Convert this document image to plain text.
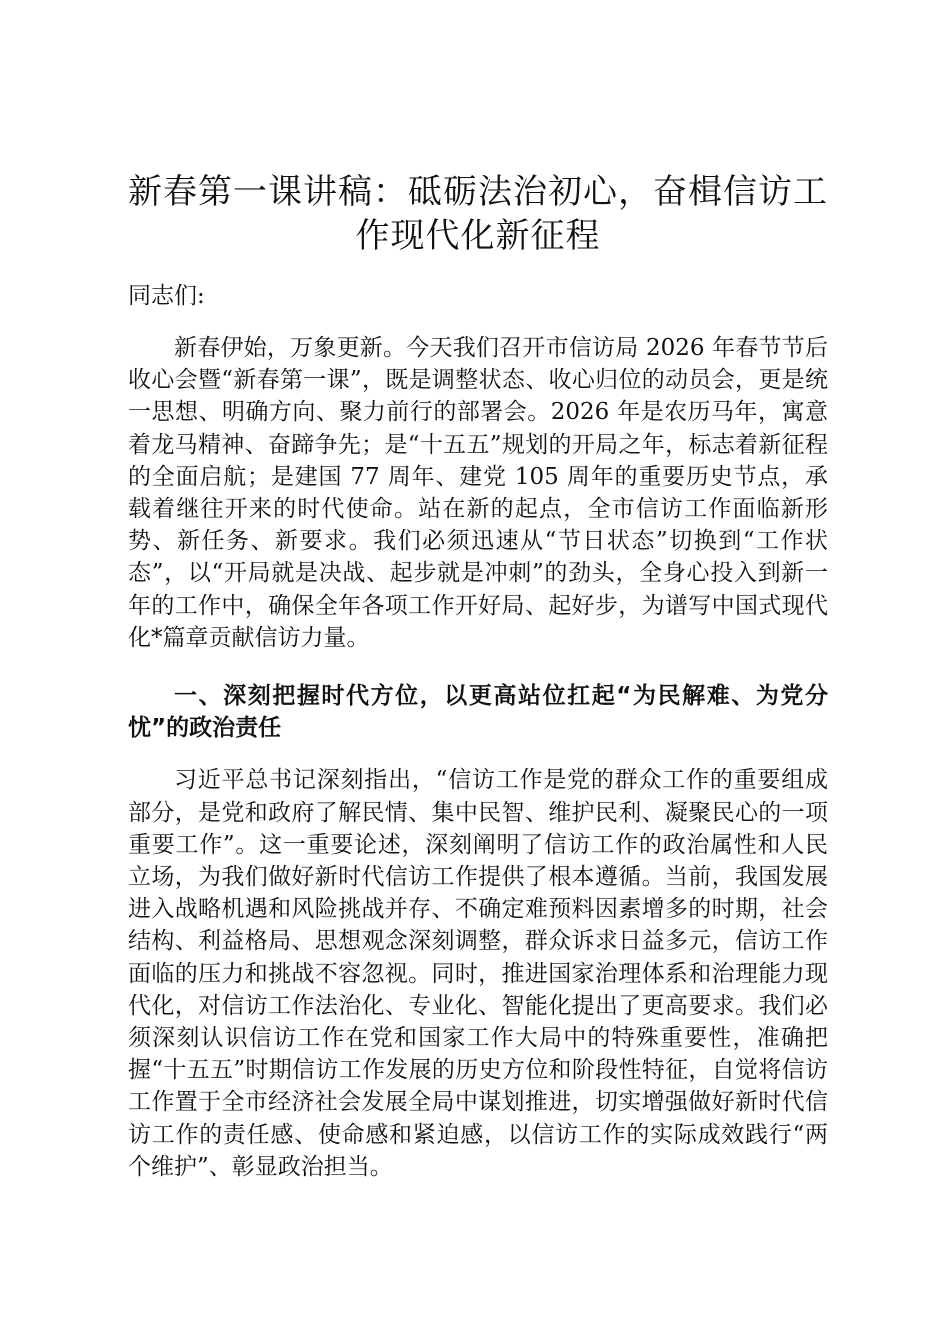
新春第一课讲稿：砥砺法治初心，奋楫信访工作现代化新征程

同志们:

新春伊始，万象更新。今天我们召开市信访局 2026 年春节节后收心会暨“新春第一课”，既是调整状态、收心归位的动员会，更是统一思想、明确方向、聚力前行的部署会。2026 年是农历马年，寓意着龙马精神、奋蹄争先；是“十五五”规划的开局之年，标志着新征程的全面启航；是建国 77 周年、建党 105 周年的重要历史节点，承载着继往开来的时代使命。站在新的起点，全市信访工作面临新形势、新任务、新要求。我们必须迅速从“节日状态”切换到“工作状态”，以“开局就是决战、起步就是冲刺”的劲头，全身心投入到新一年的工作中，确保全年各项工作开好局、起好步，为谱写中国式现代化*篇章贡献信访力量。

一、深刻把握时代方位，以更高站位扛起“为民解难、为党分忧”的政治责任

习近平总书记深刻指出，“信访工作是党的群众工作的重要组成部分，是党和政府了解民情、集中民智、维护民利、凝聚民心的一项重要工作”。这一重要论述，深刻阐明了信访工作的政治属性和人民立场，为我们做好新时代信访工作提供了根本遵循。当前，我国发展进入战略机遇和风险挑战并存、不确定难预料因素增多的时期，社会结构、利益格局、思想观念深刻调整，群众诉求日益多元，信访工作面临的压力和挑战不容忽视。同时，推进国家治理体系和治理能力现代化，对信访工作法治化、专业化、智能化提出了更高要求。我们必须深刻认识信访工作在党和国家工作大局中的特殊重要性，准确把握“十五五”时期信访工作发展的历史方位和阶段性特征，自觉将信访工作置于全市经济社会发展全局中谋划推进，切实增强做好新时代信访工作的责任感、使命感和紧迫感，以信访工作的实际成效践行“两个维护”、彰显政治担当。
